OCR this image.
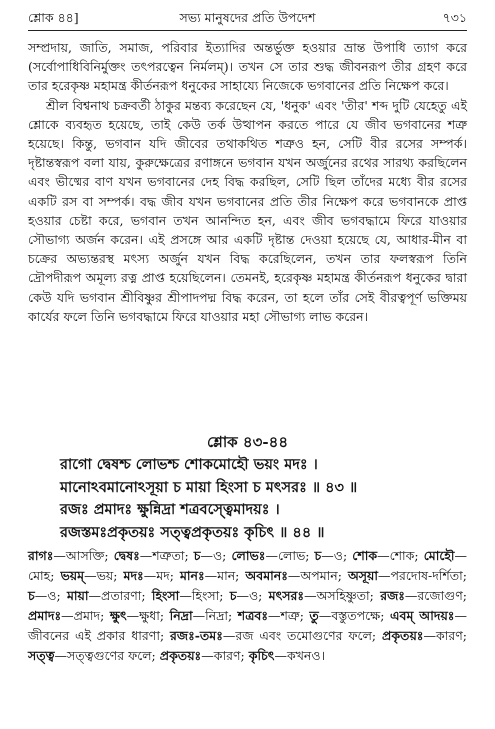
শ্লোক ৪৪]	সভ্য মানুষদের প্রতি উপদেশ	৭৩১

সম্প্রদায়, জাতি, সমাজ, পরিবার ইত্যাদির অন্তর্ভুক্ত হওয়ার ভ্রান্ত উপাধি ত্যাগ করে (সর্বোপাধিবিনির্মুক্তং তৎপরত্বেন নির্মলম্)। তখন সে তার শুদ্ধ জীবনরূপ তীর গ্রহণ করে তার হরেকৃষ্ণ মহামন্ত্র কীর্তনরূপ ধনুকের সাহায্যে নিজেকে ভগবানের প্রতি নিক্ষেপ করে।

শ্রীল বিশ্বনাথ চক্রবর্তী ঠাকুর মন্তব্য করেছেন যে, 'ধনুক' এবং 'তীর' শব্দ দুটি যেহেতু এই শ্লোকে ব্যবহৃত হয়েছে, তাই কেউ তর্ক উত্থাপন করতে পারে যে জীব ভগবানের শত্রু হয়েছে। কিন্তু, ভগবান যদি জীবের তথাকথিত শত্রুও হন, সেটি বীর রসের সম্পর্ক। দৃষ্টান্তস্বরূপ বলা যায়, কুরুক্ষেত্রের রণাঙ্গনে ভগবান যখন অর্জুনের রথের সারথ্য করছিলেন এবং ভীষ্মের বাণ যখন ভগবানের দেহ বিদ্ধ করছিল, সেটি ছিল তাঁদের মধ্যে বীর রসের একটি রস বা সম্পর্ক। বদ্ধ জীব যখন ভগবানের প্রতি তীর নিক্ষেপ করে ভগবানকে প্রাপ্ত হওয়ার চেষ্টা করে, ভগবান তখন আনন্দিত হন, এবং জীব ভগবদ্ধামে ফিরে যাওয়ার সৌভাগ্য অর্জন করেন। এই প্রসঙ্গে আর একটি দৃষ্টান্ত দেওয়া হয়েছে যে, আধার-মীন বা চক্রের অভ্যন্তরস্থ মৎস্য অর্জুন যখন বিদ্ধ করেছিলেন, তখন তার ফলস্বরূপ তিনি দ্রৌপদীরূপ অমূল্য রত্ন প্রাপ্ত হয়েছিলেন। তেমনই, হরেকৃষ্ণ মহামন্ত্র কীর্তনরূপ ধনুকের দ্বারা কেউ যদি ভগবান শ্রীবিষ্ণুর শ্রীপাদপদ্ম বিদ্ধ করেন, তা হলে তাঁর সেই বীরত্বপূর্ণ ভক্তিময় কার্যের ফলে তিনি ভগবদ্ধামে ফিরে যাওয়ার মহা সৌভাগ্য লাভ করেন।

শ্লোক ৪৩-৪৪
রাগো দ্বেষশ্চ লোভশ্চ শোকমোহৌ ভয়ং মদঃ ।
মানোঽবমানোঽসূয়া চ মায়া হিংসা চ মৎসরঃ ॥ ৪৩ ॥
রজঃ প্রমাদঃ ক্ষুন্নিদ্রা শত্রবস্ত্বেমাদয়ঃ ।
রজস্তমঃপ্রকৃতয়ঃ সত্ত্বপ্রকৃতয়ঃ কৃচিৎ ॥ ৪৪ ॥
রাগঃ—আসক্তি; দ্বেষঃ—শত্রুতা; চ—ও; লোভঃ—লোভ; চ—ও; শোক—শোক; মোহৌ—মোহ; ভয়ম্—ভয়; মদঃ—মদ; মানঃ—মান; অবমানঃ—অপমান; অসূয়া—পরদোষ-দর্শিতা; চ—ও; মায়া—প্রতারণা; হিংসা—হিংসা; চ—ও; মৎসরঃ—অসহিষ্ণুতা; রজঃ—রজোগুণ; প্রমাদঃ—প্রমাদ; ক্ষুৎ—ক্ষুধা; নিদ্রা—নিদ্রা; শত্রবঃ—শত্রু; তু—বস্তুতপক্ষে; এবম্ আদয়ঃ—জীবনের এই প্রকার ধারণা; রজঃ-তমঃ—রজ এবং তমোগুণের ফলে; প্রকৃতয়ঃ—কারণ; সত্ত্ব—সত্ত্বগুণের ফলে; প্রকৃতয়ঃ—কারণ; কৃচিৎ—কখনও।
